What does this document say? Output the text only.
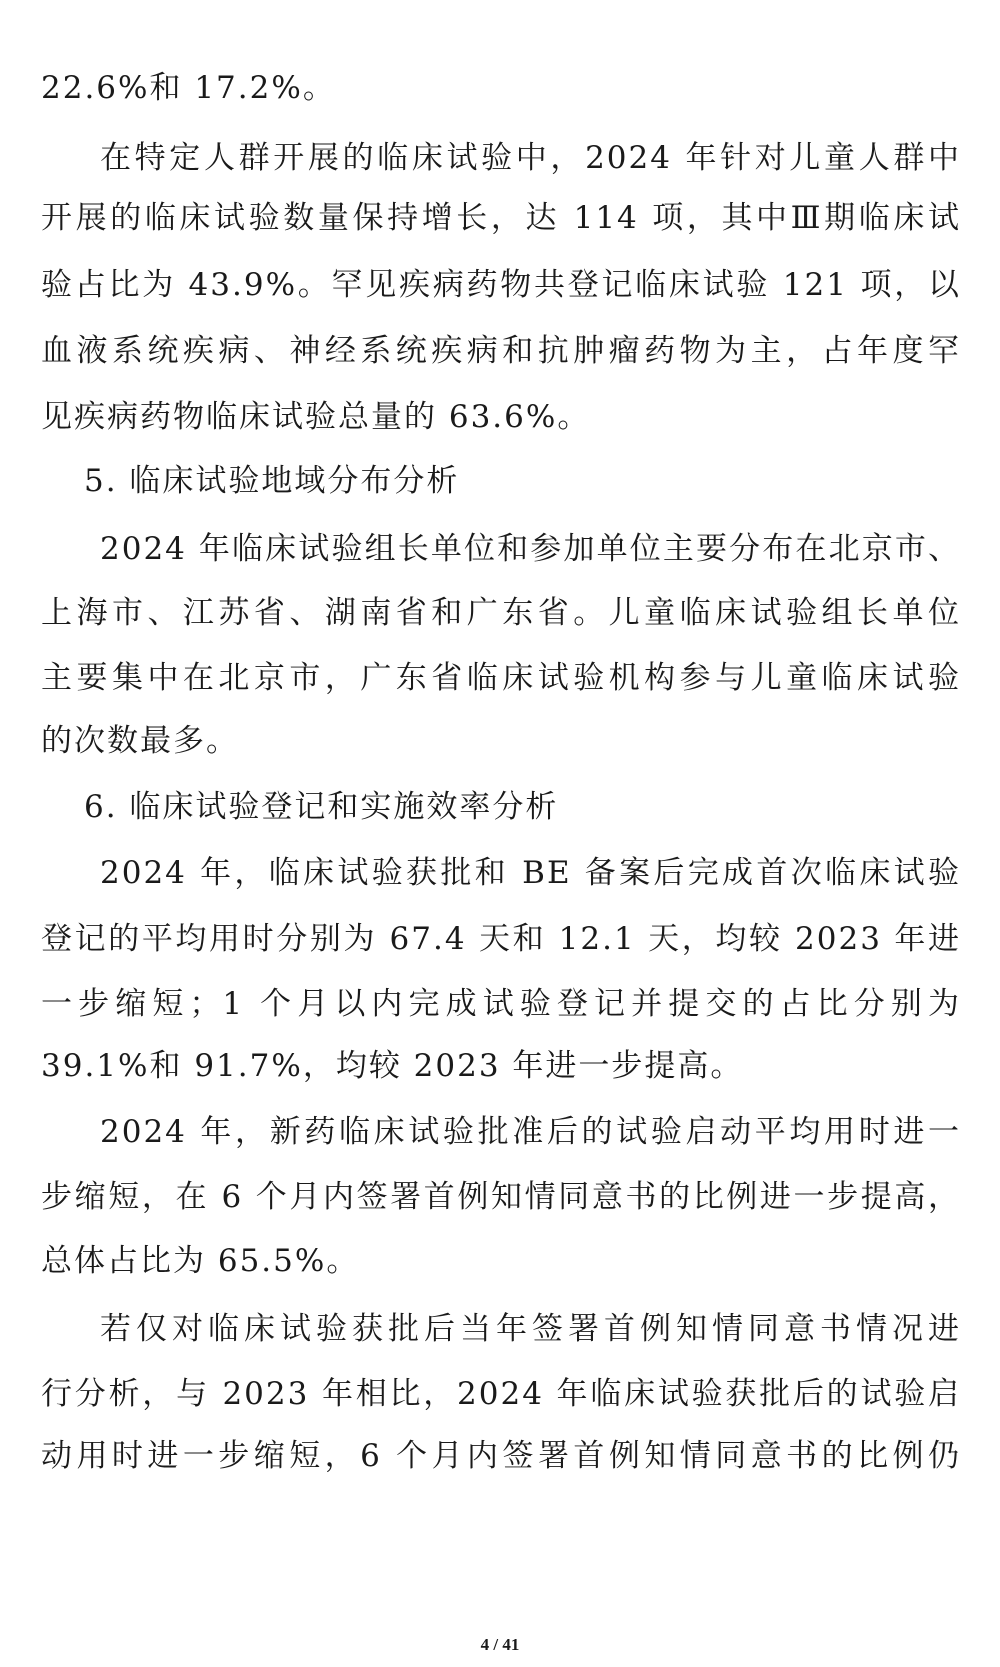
22.6%和 17.2%。
在特定人群开展的临床试验中，2024 年针对儿童人群中
开展的临床试验数量保持增长，达 114 项，其中Ⅲ期临床试
验占比为 43.9%。罕见疾病药物共登记临床试验 121 项，以
血液系统疾病、神经系统疾病和抗肿瘤药物为主，占年度罕
见疾病药物临床试验总量的 63.6%。
5. 临床试验地域分布分析
2024 年临床试验组长单位和参加单位主要分布在北京市、
上海市、江苏省、湖南省和广东省。儿童临床试验组长单位
主要集中在北京市，广东省临床试验机构参与儿童临床试验
的次数最多。
6. 临床试验登记和实施效率分析
2024 年，临床试验获批和 BE 备案后完成首次临床试验
登记的平均用时分别为 67.4 天和 12.1 天，均较 2023 年进
一步缩短；1 个月以内完成试验登记并提交的占比分别为
39.1%和 91.7%，均较 2023 年进一步提高。
2024 年，新药临床试验批准后的试验启动平均用时进一
步缩短，在 6 个月内签署首例知情同意书的比例进一步提高，
总体占比为 65.5%。
若仅对临床试验获批后当年签署首例知情同意书情况进
行分析，与 2023 年相比，2024 年临床试验获批后的试验启
动用时进一步缩短，6 个月内签署首例知情同意书的比例仍
4 / 41
